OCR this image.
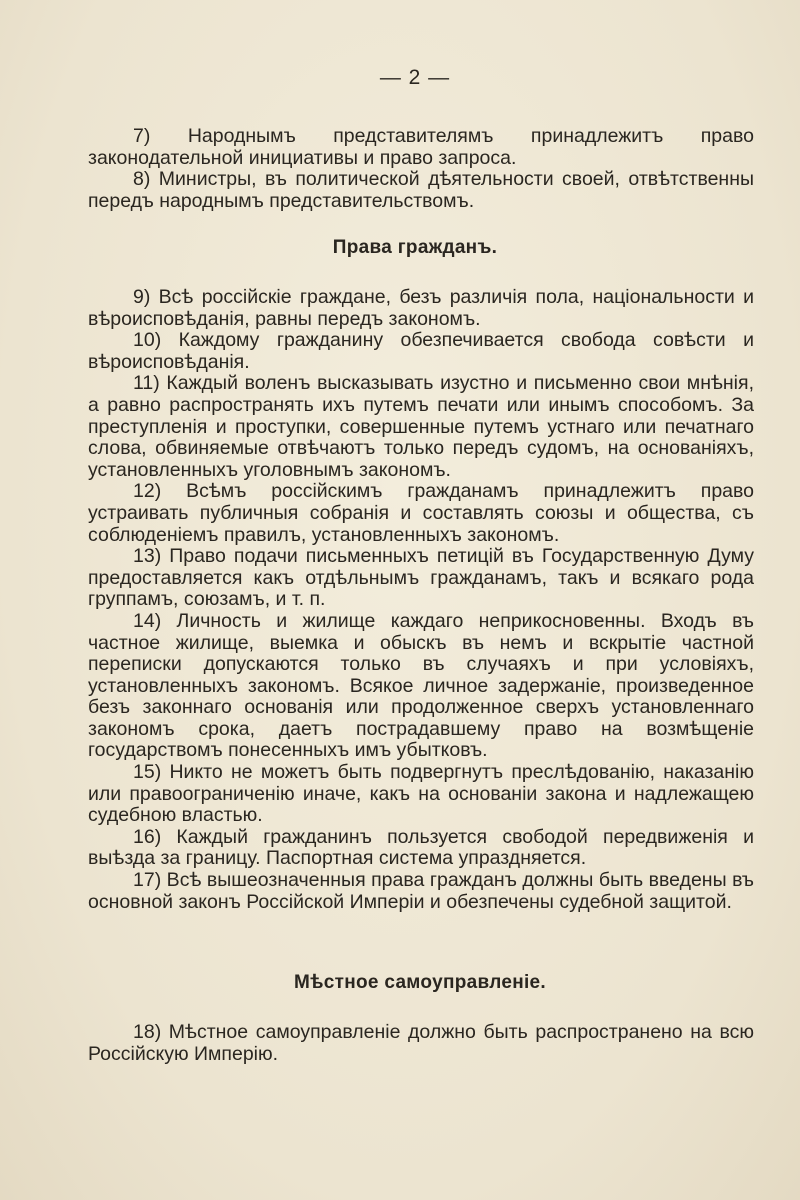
— 2 —

7) Народнымъ представителямъ принадлежитъ право законодательной инициативы и право запроса.

8) Министры, въ политической дѣятельности своей, отвѣтственны передъ народнымъ представительствомъ.

Права гражданъ.

9) Всѣ россійскіе граждане, безъ различія пола, національности и вѣроисповѣданія, равны передъ закономъ.

10) Каждому гражданину обезпечивается свобода совѣсти и вѣроисповѣданія.

11) Каждый воленъ высказывать изустно и письменно свои мнѣнія, а равно распространять ихъ путемъ печати или инымъ способомъ. За преступленія и проступки, совершенные путемъ устнаго или печатнаго слова, обвиняемые отвѣчаютъ только передъ судомъ, на основаніяхъ, установленныхъ уголовнымъ закономъ.

12) Всѣмъ россійскимъ гражданамъ принадлежитъ право устраивать публичныя собранія и составлять союзы и общества, съ соблюденіемъ правилъ, установленныхъ закономъ.

13) Право подачи письменныхъ петицій въ Государственную Думу предоставляется какъ отдѣльнымъ гражданамъ, такъ и всякаго рода группамъ, союзамъ, и т. п.

14) Личность и жилище каждаго неприкосновенны. Входъ въ частное жилище, выемка и обыскъ въ немъ и вскрытіе частной переписки допускаются только въ случаяхъ и при условіяхъ, установленныхъ закономъ. Всякое личное задержаніе, произведенное безъ законнаго основанія или продолженное сверхъ установленнаго закономъ срока, даетъ пострадавшему право на возмѣщеніе государствомъ понесенныхъ имъ убытковъ.

15) Никто не можетъ быть подвергнутъ преслѣдованію, наказанію или правоограниченію иначе, какъ на основаніи закона и надлежащею судебною властью.

16) Каждый гражданинъ пользуется свободой передвиженія и выѣзда за границу. Паспортная система упраздняется.

17) Всѣ вышеозначенныя права гражданъ должны быть введены въ основной законъ Россійской Имперіи и обезпечены судебной защитой.

Мѣстное самоуправленіе.

18) Мѣстное самоуправленіе должно быть распространено на всю Россійскую Имперію.
